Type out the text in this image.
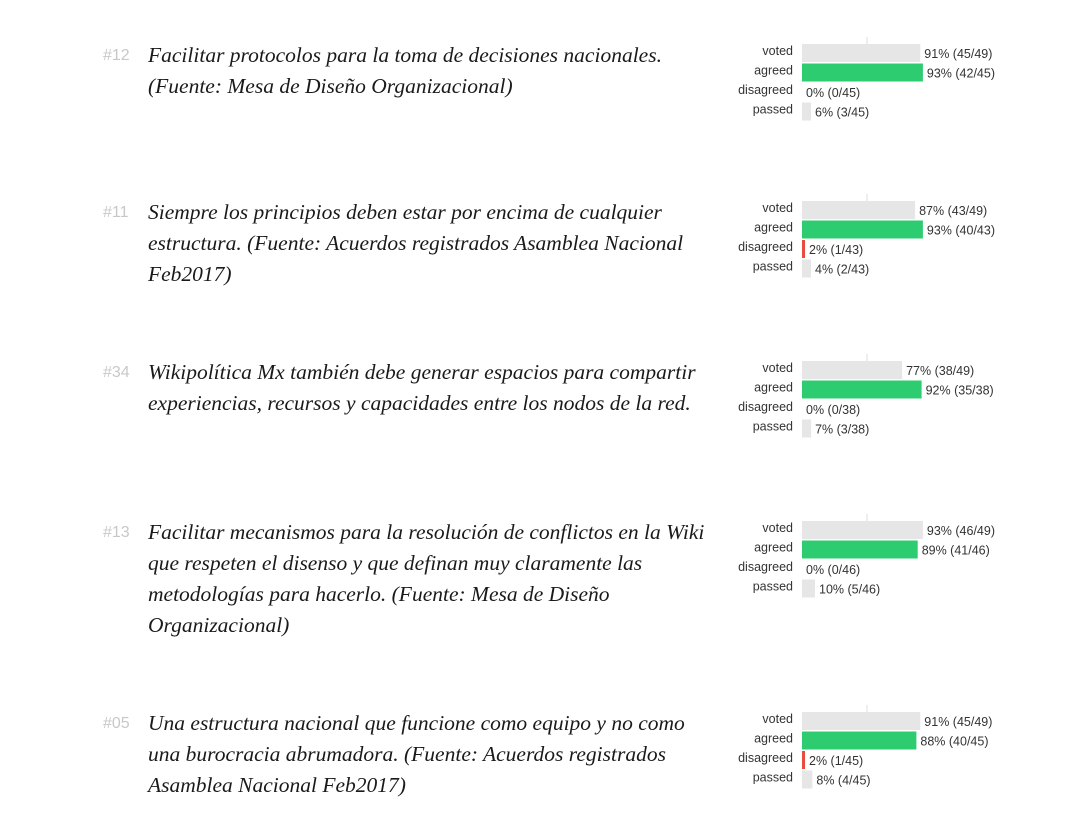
#12 Facilitar protocolos para la toma de decisiones nacionales. (Fuente: Mesa de Diseño Organizacional)
voted	91% (45/49)
agreed	93% (42/45)
disagreed 0% (0/45)
passed 6% (3/45)
#11 Siempre los principios deben estar por encima de cualquier estructura. (Fuente: Acuerdos registrados Asamblea Nacional Feb2017)
voted	87% (43/49)
agreed	93% (40/43)
disagreed 2% (1/43)
passed 4% (2/43)
#34 Wikipolítica Mx también debe generar espacios para compartir experiencias, recursos y capacidades entre los nodos de la red.
voted	77% (38/49)
agreed	92% (35/38)
disagreed 0% (0/38)
passed 7% (3/38)
#13 Facilitar mecanismos para la resolución de conflictos en la Wiki que respeten el disenso y que definan muy claramente las metodologías para hacerlo. (Fuente: Mesa de Diseño Organizacional)
voted	93% (46/49)
agreed	89% (41/46)
disagreed 0% (0/46)
passed 10% (5/46)
#05 Una estructura nacional que funcione como equipo y no como una burocracia abrumadora. (Fuente: Acuerdos registrados Asamblea Nacional Feb2017)
voted	91% (45/49)
agreed	88% (40/45)
disagreed 2% (1/45)
passed 8% (4/45)
